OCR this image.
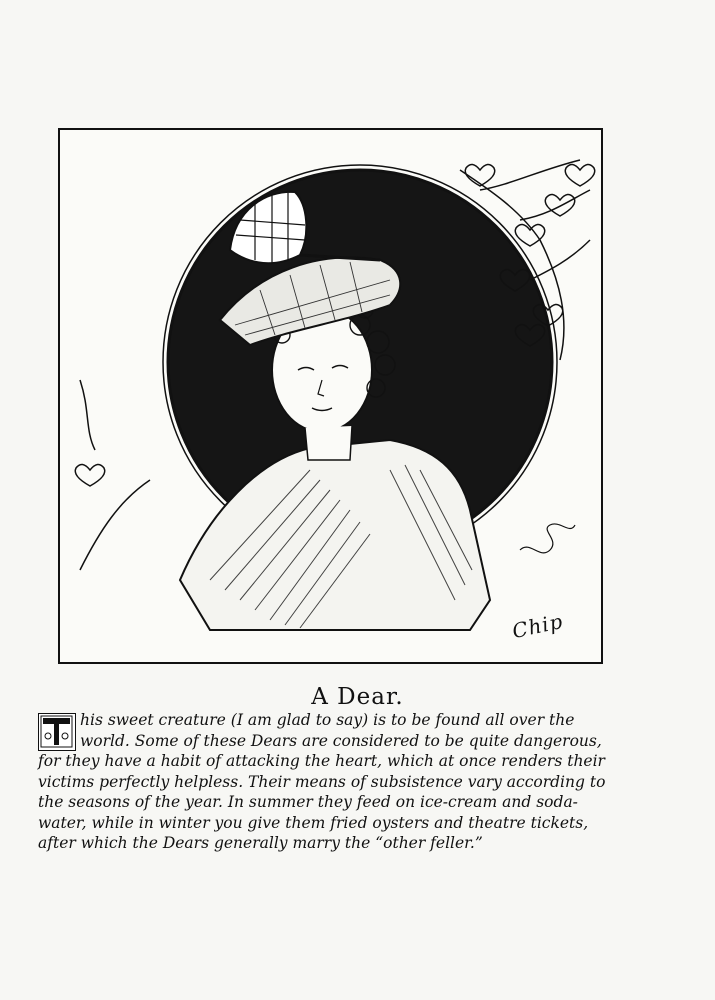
Chip
A Dear.
his sweet creature (I am glad to say) is to be found all over the world. Some of these Dears are considered to be quite dangerous, for they have a habit of attacking the heart, which at once renders their victims perfectly helpless. Their means of subsistence vary according to the seasons of the year. In summer they feed on ice-cream and soda-water, while in winter you give them fried oysters and theatre tickets, after which the Dears generally marry the “other feller.”
